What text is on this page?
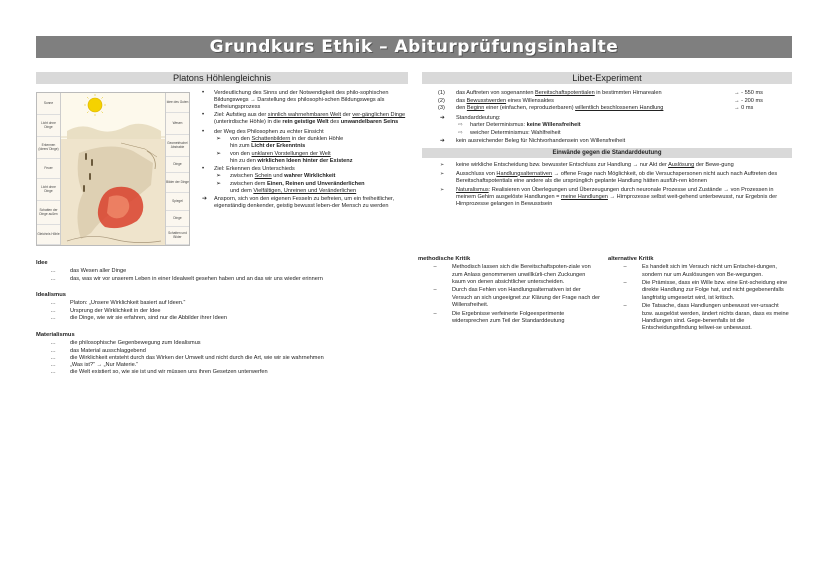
Grundkurs Ethik – Abiturprüfungsinhalte
Platons Höhlengleichnis	Libet-Experiment
Sonne
Licht ohne Dinge
Erkennen (Ideen/ Dinge)
Feuer
Licht ohne Dinge
Schatten der Dinge außen
Gleichnis Höhle
Idee des Guten
Wesen
Geometrische/ Abstrakte
Dinge
Bilder der Dinge
Spiegel
Dinge
Schatten und Bilder
• Verdeutlichung des Sinns und der Notwendigkeit des philo-sophischen Bildungswegs → Darstellung des philosophi-schen Bildungswegs als Befreiungsprozess
• Ziel: Aufstieg aus der sinnlich wahrnehmbaren Welt der ver-gänglichen Dinge (unterirdische Höhle) in die rein geistige Welt des unwandelbaren Seins
• der Weg des Philosophen zu echter Einsicht
➢ von den Schattenbildern in der dunklen Höhle
hin zum Licht der Erkenntnis
➢ von den unklaren Vorstellungen der Welt
hin zu den wirklichen Ideen hinter der Existenz
• Ziel: Erkennen des Unterschieds
➢ zwischen Schein und wahrer Wirklichkeit
➢ zwischen dem Einen, Reinen und Unveränderlichen
und dem Vielfältigen, Unreinen und Veränderlichen
➔ Ansporn, sich von den eigenen Fesseln zu befreien, um ein freiheitlicher, eigenständig denkender, geistig bewusst leben-der Mensch zu werden
Idee
…	das Wesen aller Dinge
…	das, was wir vor unserem Leben in einer Idealwelt gesehen haben und an das wir uns wieder erinnern
Idealismus
…	Platon: „Unsere Wirklichkeit basiert auf Ideen.“
…	Ursprung der Wirklichkeit in der Idee
…	die Dinge, wie wir sie erfahren, sind nur die Abbilder ihrer Ideen
Materialismus
…	die philosophische Gegenbewegung zum Idealismus
…	das Material ausschlaggebend
…	die Wirklichkeit entsteht durch das Wirken der Umwelt und nicht durch die Art, wie wir sie wahrnehmen
…	„Was ist?“ → „Nur Materie.“
…	die Welt existiert so, wie sie ist und wir müssen uns ihren Gesetzen unterwerfen
(1)	das Auftreten von sogenannten Bereitschaftspotentialen in bestimmten Hirnarealen	→ - 550 ms
(2)	das Bewusstwerden eines Willensaktes	→ - 200 ms
(3)	den Beginn einer (einfachen, reproduzierbaren) willentlich beschlossenen Handlung	→ 0 ms
➔	Standarddeutung:
⇨	harter Determinismus: keine Willensfreiheit
⇨	weicher Determinismus: Wahlfreiheit
➔	kein ausreichender Beleg für Nichtvorhandensein von Willensfreiheit
Einwände gegen die Standarddeutung
➢	keine wirkliche Entscheidung bzw. bewusster Entschluss zur Handlung → nur Akt der Auslösung der Bewe-gung
➢	Ausschluss von Handlungsalternativen → offene Frage nach Möglichkeit, ob die Versuchspersonen nicht auch nach Auftreten des Bereitschaftspotentials eine andere als die ursprünglich geplante Handlung hätten ausfüh-ren können
➢	Naturalismus: Realisieren von Überlegungen und Überzeugungen durch neuronale Prozesse und Zustände → von Prozessen in meinem Gehirn ausgelöste Handlungen = meine Handlungen → Hirnprozesse selbst weit-gehend unterbewusst, nur Ergebnis der Hirnprozesse gelangen in Bewusstsein
methodische Kritik
–	Methodisch lassen sich die Bereitschaftspoten-ziale von zum Anlass genommenen unwillkürli-chen Zuckungen kaum von denen absichtlicher unterscheiden.
–	Durch das Fehlen von Handlungsalternativen ist der Versuch an sich ungeeignet zur Klärung der Frage nach der Willensfreiheit.
–	Die Ergebnisse verfeinerte Folgeexperimente widersprechen zum Teil der Standarddeutung
alternative Kritik
–	Es handelt sich im Versuch nicht um Entschei-dungen, sondern nur um Auslösungen von Be-wegungen.
–	Die Prämisse, dass ein Wille bzw. eine Ent-scheidung eine direkte Handlung zur Folge hat, und nicht gegebenenfalls langfristig umgesetzt wird, ist kritisch.
–	Die Tatsache, dass Handlungen unbewusst ver-ursacht bzw. ausgelöst werden, ändert nichts daran, dass es meine Handlungen sind. Gege-benenfalls ist die Entscheidungsfindung teilwei-se unbewusst.
